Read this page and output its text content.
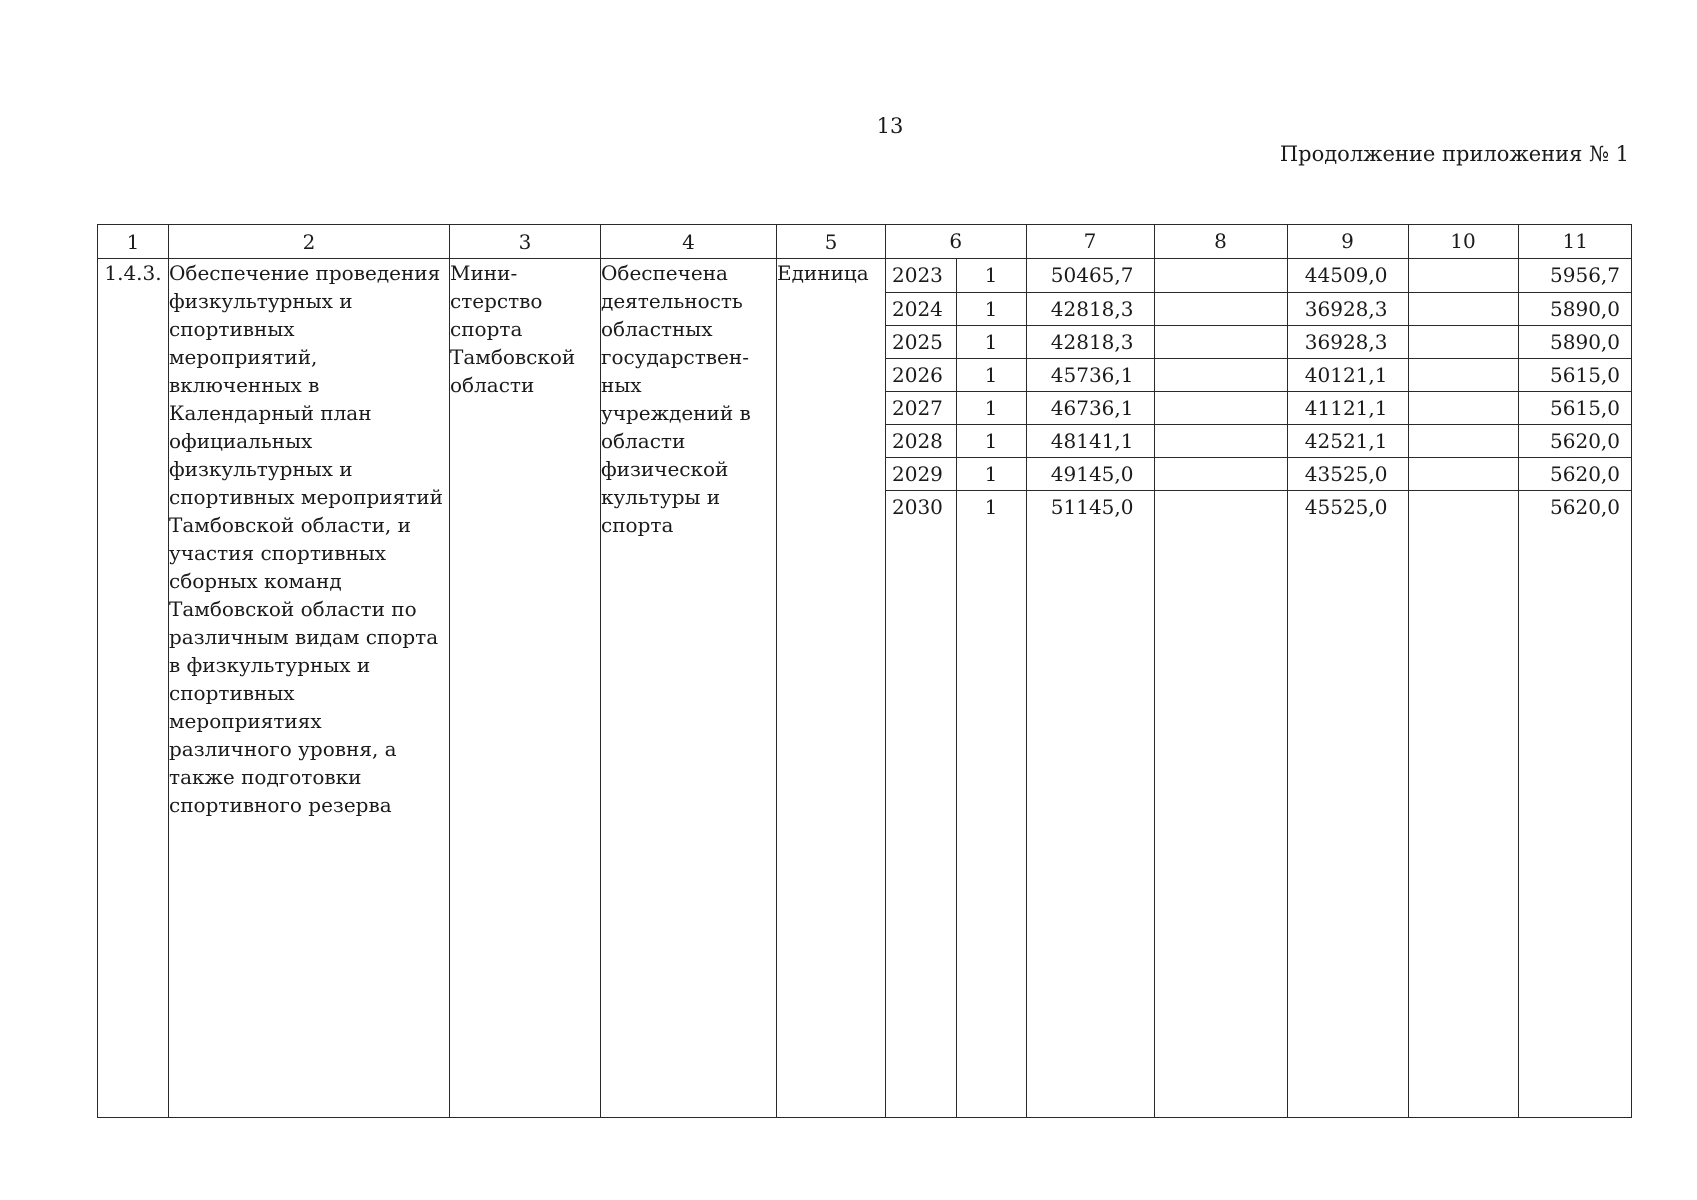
13
Продолжение приложения № 1
1	2	3	4	5		6	7	8	9	10	11

1.4.3.	Обеспечение проведения физкультурных и спортивных мероприятий, включенных в Календарный план официальных физкультурных и спортивных мероприятий Тамбовской области, и участия спортивных сборных команд Тамбовской области по различным видам спорта в физкультурных и спортивных мероприятиях различного уровня, а также подготовки спортивного резерва	Мини-стерство спорта Тамбовской области	Обеспечена деятельность областных государствен-ных учреждений в области физической культуры и спорта	Единица	2023	1	50465,7		44509,0		5956,7
2024	1	42818,3		36928,3		5890,0
2025	1	42818,3		36928,3		5890,0
2026	1	45736,1		40121,1		5615,0
2027	1	46736,1		41121,1		5615,0
2028	1	48141,1		42521,1		5620,0
2029	1	49145,0		43525,0		5620,0
2030	1	51145,0		45525,0		5620,0
